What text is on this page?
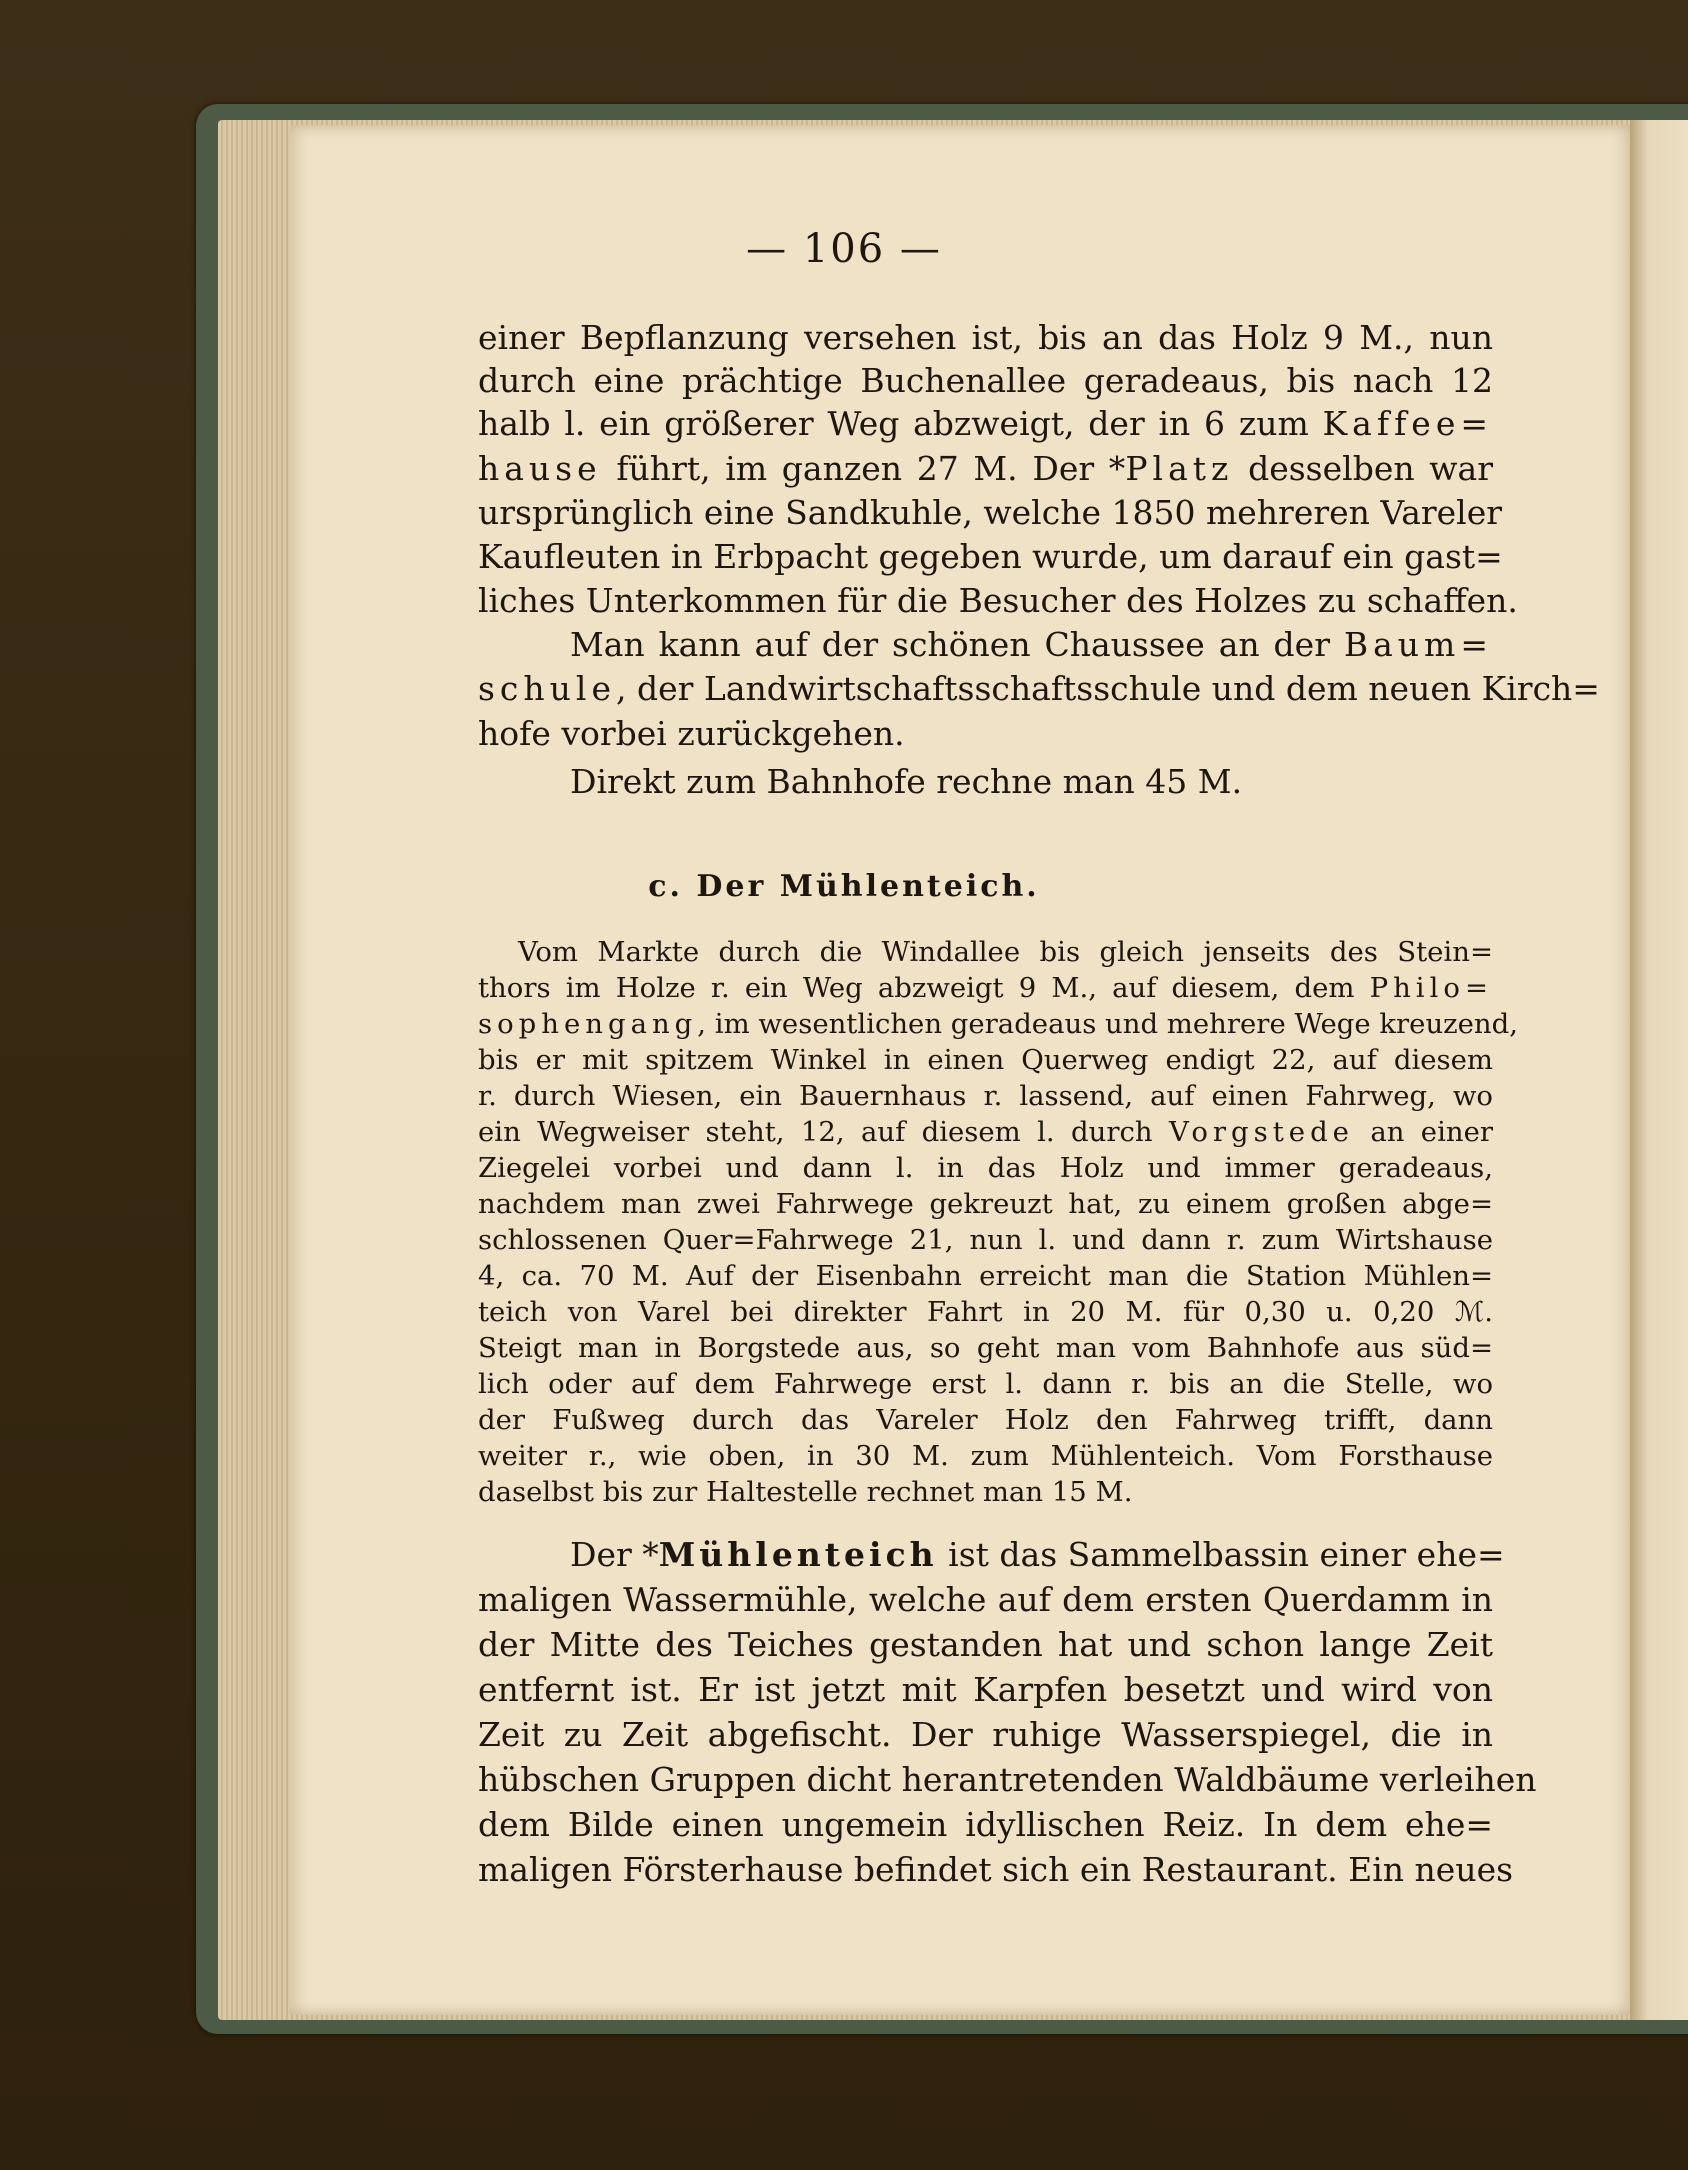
— 106 —
einer Bepflanzung versehen ist, bis an das Holz 9 M., nun
durch eine prächtige Buchenallee geradeaus, bis nach 12
halb l. ein größerer Weg abzweigt, der in 6 zum Kaffee=
hause führt, im ganzen 27 M. Der *Platz desselben war
ursprünglich eine Sandkuhle, welche 1850 mehreren Vareler
Kaufleuten in Erbpacht gegeben wurde, um darauf ein gast=
liches Unterkommen für die Besucher des Holzes zu schaffen.
Man kann auf der schönen Chaussee an der Baum=
schule, der Landwirtschaftsschaftsschule und dem neuen Kirch=
hofe vorbei zurückgehen.
Direkt zum Bahnhofe rechne man 45 M.
c. Der Mühlenteich.
Vom Markte durch die Windallee bis gleich jenseits des Stein=
thors im Holze r. ein Weg abzweigt 9 M., auf diesem, dem Philo=
sophengang, im wesentlichen geradeaus und mehrere Wege kreuzend,
bis er mit spitzem Winkel in einen Querweg endigt 22, auf diesem
r. durch Wiesen, ein Bauernhaus r. lassend, auf einen Fahrweg, wo
ein Wegweiser steht, 12, auf diesem l. durch Vorgstede an einer
Ziegelei vorbei und dann l. in das Holz und immer geradeaus,
nachdem man zwei Fahrwege gekreuzt hat, zu einem großen abge=
schlossenen Quer=Fahrwege 21, nun l. und dann r. zum Wirtshause
4, ca. 70 M. Auf der Eisenbahn erreicht man die Station Mühlen=
teich von Varel bei direkter Fahrt in 20 M. für 0,30 u. 0,20 ℳ.
Steigt man in Borgstede aus, so geht man vom Bahnhofe aus süd=
lich oder auf dem Fahrwege erst l. dann r. bis an die Stelle, wo
der Fußweg durch das Vareler Holz den Fahrweg trifft, dann
weiter r., wie oben, in 30 M. zum Mühlenteich. Vom Forsthause
daselbst bis zur Haltestelle rechnet man 15 M.
Der *Mühlenteich ist das Sammelbassin einer ehe=
maligen Wassermühle, welche auf dem ersten Querdamm in
der Mitte des Teiches gestanden hat und schon lange Zeit
entfernt ist. Er ist jetzt mit Karpfen besetzt und wird von
Zeit zu Zeit abgefischt. Der ruhige Wasserspiegel, die in
hübschen Gruppen dicht herantretenden Waldbäume verleihen
dem Bilde einen ungemein idyllischen Reiz. In dem ehe=
maligen Försterhause befindet sich ein Restaurant. Ein neues
